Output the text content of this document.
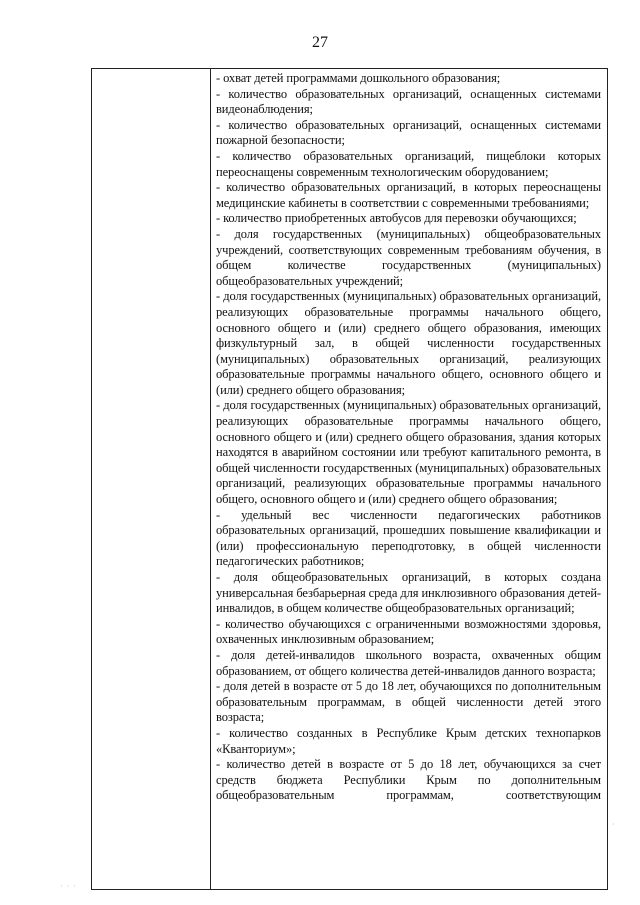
27

- охват детей программами дошкольного образования;

- количество образовательных организаций, оснащенных системами видеонаблюдения;

- количество образовательных организаций, оснащенных системами пожарной безопасности;

- количество образовательных организаций, пищеблоки которых переоснащены современным технологическим оборудованием;

- количество образовательных организаций, в которых переоснащены медицинские кабинеты в соответствии с современными требованиями;

- количество приобретенных автобусов для перевозки обучающихся;

- доля государственных (муниципальных) общеобразовательных учреждений, соответствующих современным требованиям обучения, в общем количестве государственных (муниципальных) общеобразовательных учреждений;

- доля государственных (муниципальных) образовательных организаций, реализующих образовательные программы начального общего, основного общего и (или) среднего общего образования, имеющих физкультурный зал, в общей численности государственных (муниципальных) образовательных организаций, реализующих образовательные программы начального общего, основного общего и (или) среднего общего образования;

- доля государственных (муниципальных) образовательных организаций, реализующих образовательные программы начального общего, основного общего и (или) среднего общего образования, здания которых находятся в аварийном состоянии или требуют капитального ремонта, в общей численности государственных (муниципальных) образовательных организаций, реализующих образовательные программы начального общего, основного общего и (или) среднего общего образования;

- удельный вес численности педагогических работников образовательных организаций, прошедших повышение квалификации и (или) профессиональную переподготовку, в общей численности педагогических работников;

- доля общеобразовательных организаций, в которых создана универсальная безбарьерная среда для инклюзивного образования детей-инвалидов, в общем количестве общеобразовательных организаций;

- количество обучающихся с ограниченными возможностями здоровья, охваченных инклюзивным образованием;

- доля детей-инвалидов школьного возраста, охваченных общим образованием, от общего количества детей-инвалидов данного возраста;

- доля детей в возрасте от 5 до 18 лет, обучающихся по дополнительным образовательным программам, в общей численности детей этого возраста;

- количество созданных в Республике Крым детских технопарков «Кванториум»;

- количество детей в возрасте от 5 до 18 лет, обучающихся за счет средств бюджета Республики Крым по дополнительным общеобразовательным программам, соответствующим

· · ·
·
